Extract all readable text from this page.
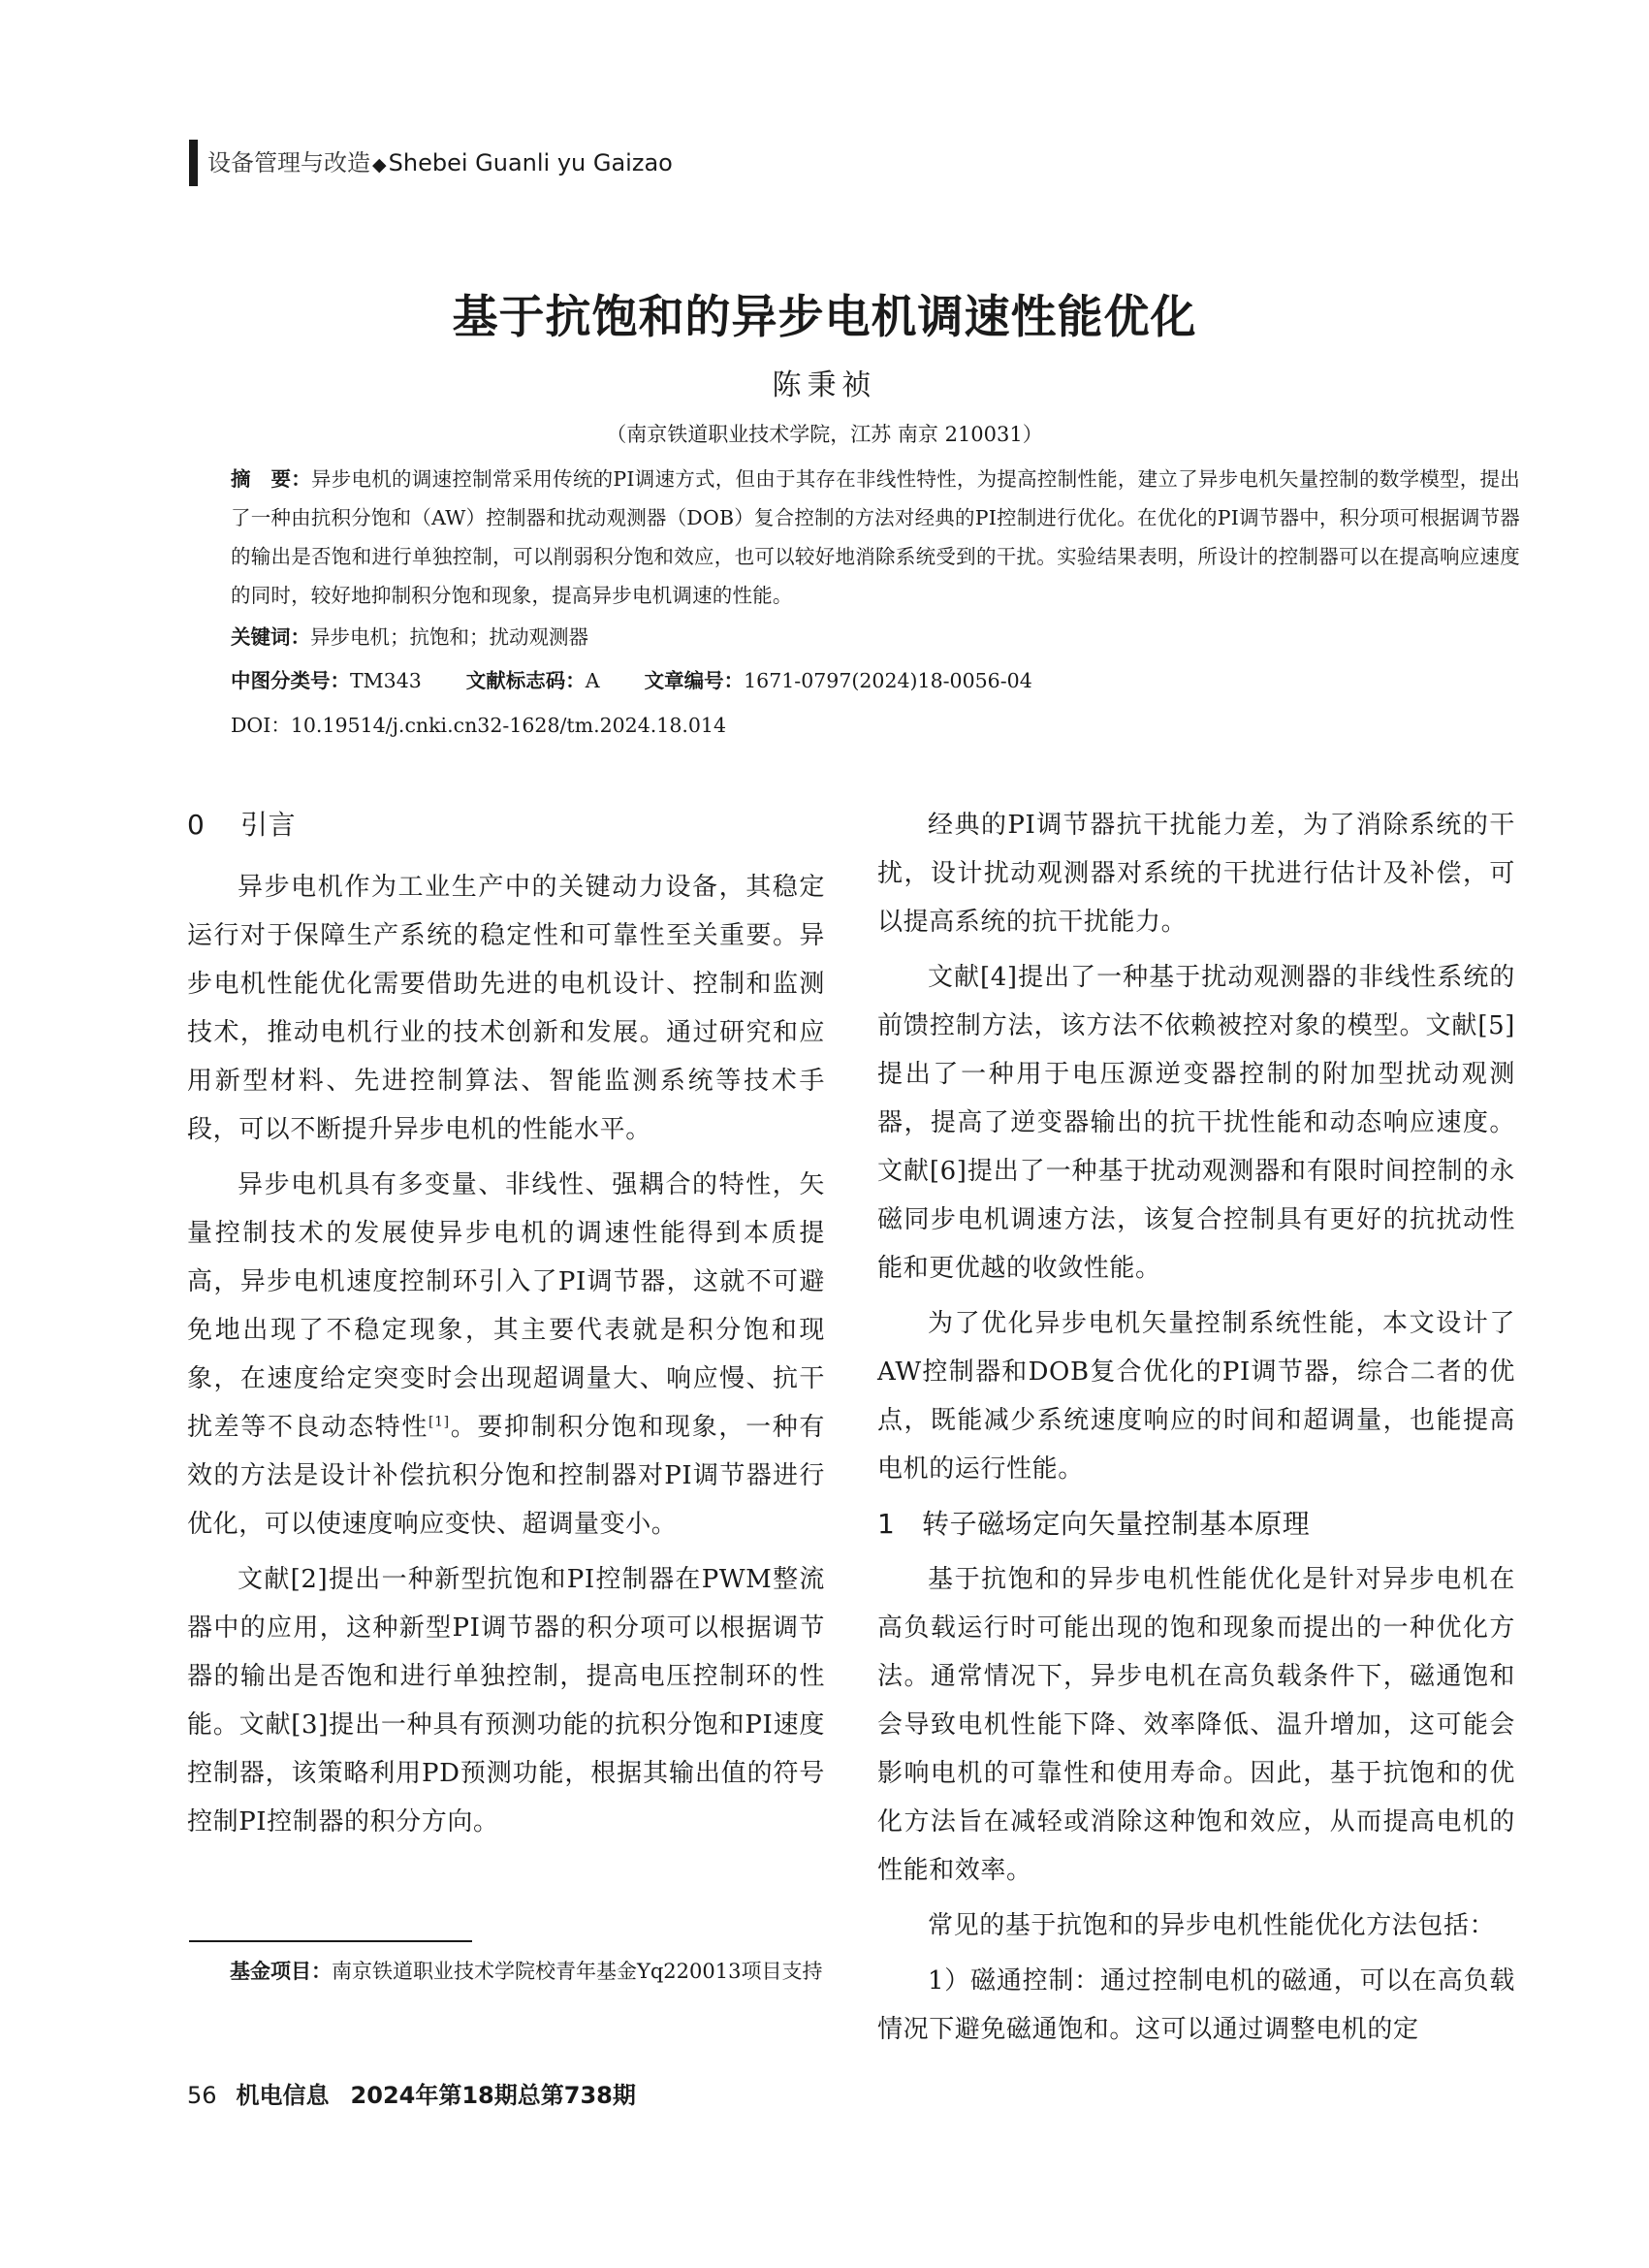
设备管理与改造 ◆Shebei Guanli yu Gaizao
基于抗饱和的异步电机调速性能优化
陈秉祯
（南京铁道职业技术学院，江苏 南京 210031）
摘　要：异步电机的调速控制常采用传统的PI调速方式，但由于其存在非线性特性，为提高控制性能，建立了异步电机矢量控制的数学模型，提出了一种由抗积分饱和（AW）控制器和扰动观测器（DOB）复合控制的方法对经典的PI控制进行优化。在优化的PI调节器中，积分项可根据调节器的输出是否饱和进行单独控制，可以削弱积分饱和效应，也可以较好地消除系统受到的干扰。实验结果表明，所设计的控制器可以在提高响应速度的同时，较好地抑制积分饱和现象，提高异步电机调速的性能。
关键词：异步电机；抗饱和；扰动观测器
中图分类号：TM343 文献标志码：A 文章编号：1671-0797(2024)18-0056-04
DOI：10.19514/j.cnki.cn32-1628/tm.2024.18.014
0 引言

异步电机作为工业生产中的关键动力设备，其稳定运行对于保障生产系统的稳定性和可靠性至关重要。异步电机性能优化需要借助先进的电机设计、控制和监测技术，推动电机行业的技术创新和发展。通过研究和应用新型材料、先进控制算法、智能监测系统等技术手段，可以不断提升异步电机的性能水平。

异步电机具有多变量、非线性、强耦合的特性，矢量控制技术的发展使异步电机的调速性能得到本质提高，异步电机速度控制环引入了PI调节器，这就不可避免地出现了不稳定现象，其主要代表就是积分饱和现象，在速度给定突变时会出现超调量大、响应慢、抗干扰差等不良动态特性[1]。要抑制积分饱和现象，一种有效的方法是设计补偿抗积分饱和控制器对PI调节器进行优化，可以使速度响应变快、超调量变小。

文献[2]提出一种新型抗饱和PI控制器在PWM整流器中的应用，这种新型PI调节器的积分项可以根据调节器的输出是否饱和进行单独控制，提高电压控制环的性能。文献[3]提出一种具有预测功能的抗积分饱和PI速度控制器，该策略利用PD预测功能，根据其输出值的符号控制PI控制器的积分方向。

经典的PI调节器抗干扰能力差，为了消除系统的干扰，设计扰动观测器对系统的干扰进行估计及补偿，可以提高系统的抗干扰能力。

文献[4]提出了一种基于扰动观测器的非线性系统的前馈控制方法，该方法不依赖被控对象的模型。文献[5]提出了一种用于电压源逆变器控制的附加型扰动观测器，提高了逆变器输出的抗干扰性能和动态响应速度。文献[6]提出了一种基于扰动观测器和有限时间控制的永磁同步电机调速方法，该复合控制具有更好的抗扰动性能和更优越的收敛性能。

为了优化异步电机矢量控制系统性能，本文设计了AW控制器和DOB复合优化的PI调节器，综合二者的优点，既能减少系统速度响应的时间和超调量，也能提高电机的运行性能。

1 转子磁场定向矢量控制基本原理

基于抗饱和的异步电机性能优化是针对异步电机在高负载运行时可能出现的饱和现象而提出的一种优化方法。通常情况下，异步电机在高负载条件下，磁通饱和会导致电机性能下降、效率降低、温升增加，这可能会影响电机的可靠性和使用寿命。因此，基于抗饱和的优化方法旨在减轻或消除这种饱和效应，从而提高电机的性能和效率。

常见的基于抗饱和的异步电机性能优化方法包括：

1）磁通控制：通过控制电机的磁通，可以在高负载情况下避免磁通饱和。这可以通过调整电机的定

基金项目：南京铁道职业技术学院校青年基金Yq220013项目支持
56 机电信息 2024年第18期总第738期
